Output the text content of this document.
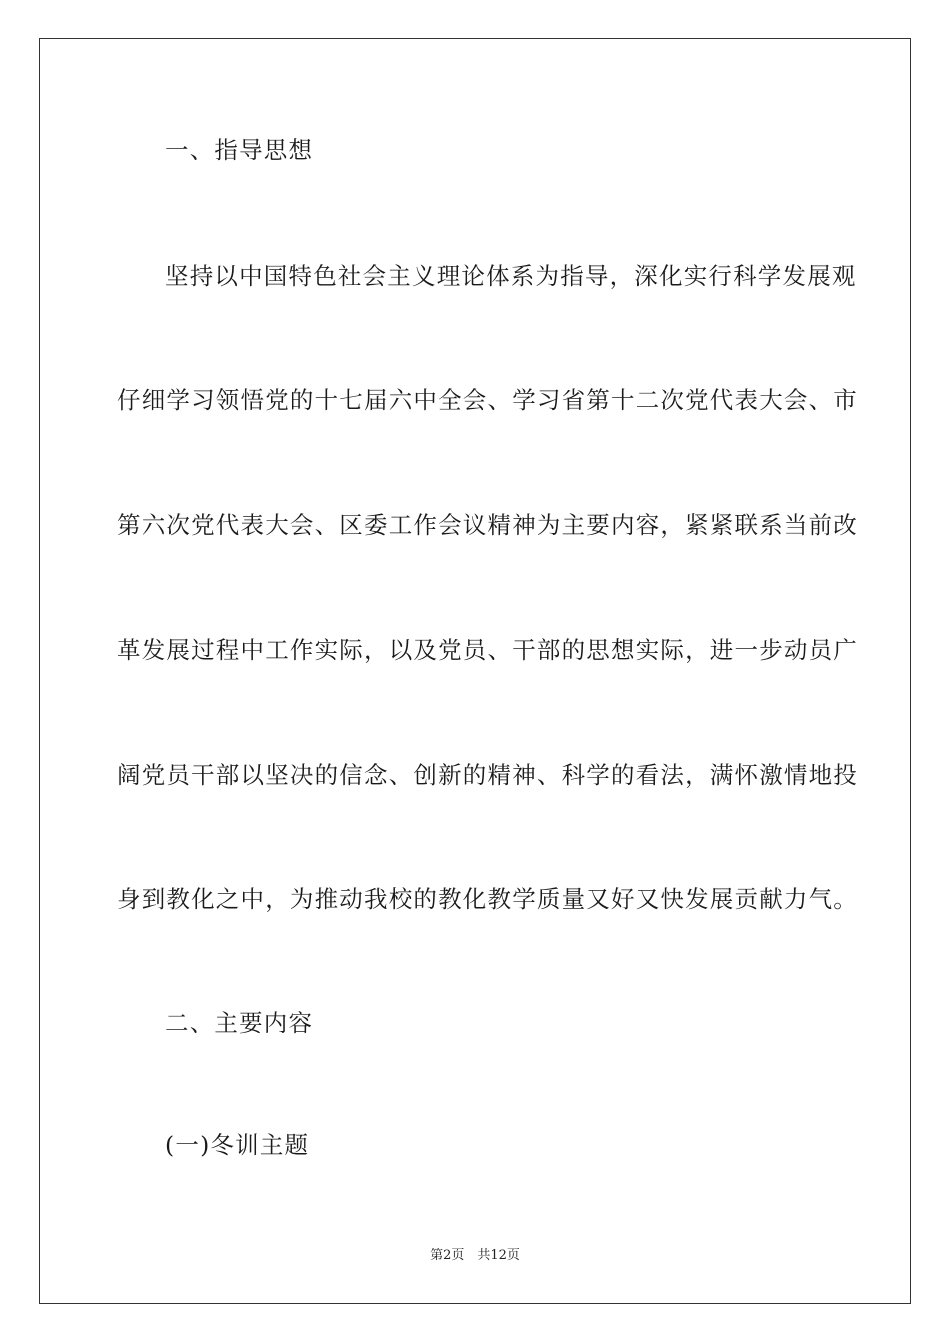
一、指导思想
坚持以中国特色社会主义理论体系为指导，深化实行科学发展观
仔细学习领悟党的十七届六中全会、学习省第十二次党代表大会、市
第六次党代表大会、区委工作会议精神为主要内容，紧紧联系当前改
革发展过程中工作实际，以及党员、干部的思想实际，进一步动员广
阔党员干部以坚决的信念、创新的精神、科学的看法，满怀激情地投
身到教化之中，为推动我校的教化教学质量又好又快发展贡献力气。
二、主要内容
(一)冬训主题
第2页　共12页
